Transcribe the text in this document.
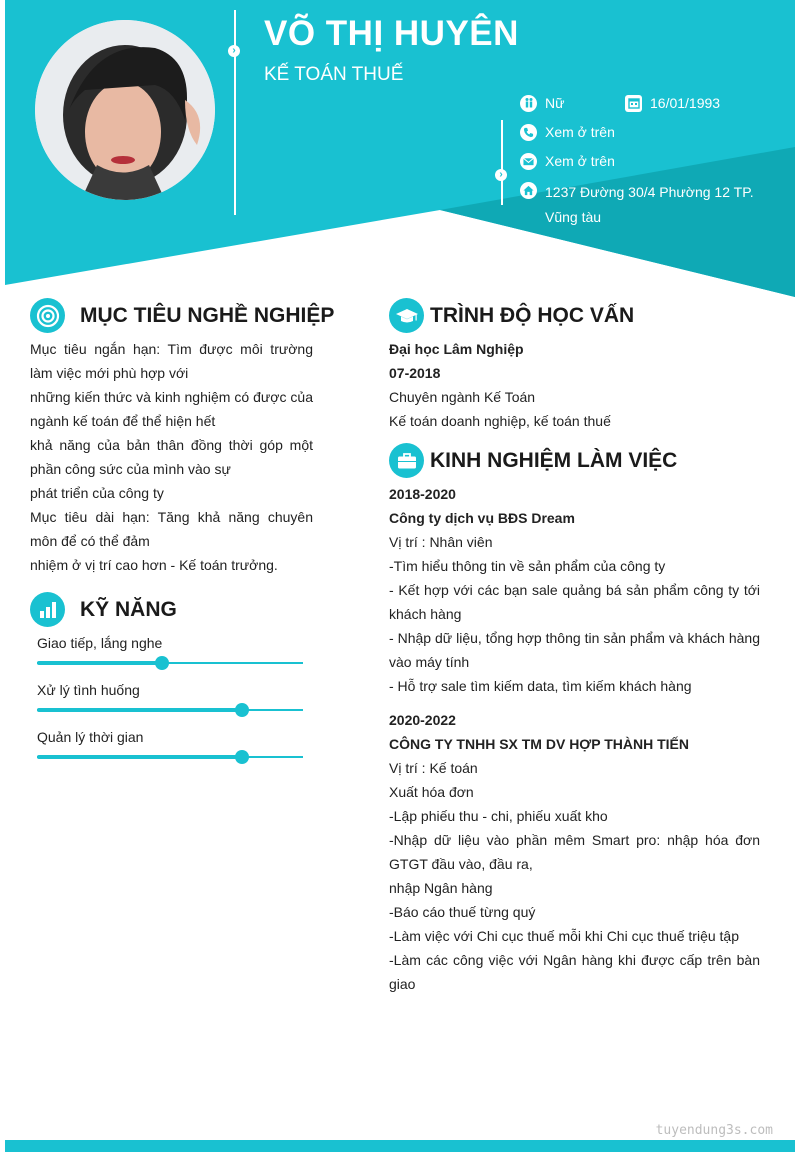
›
›
VÕ THỊ HUYÊN
KẾ TOÁN THUẾ
Nữ	16/01/1993
Xem ở trên
Xem ở trên
1237 Đường 30/4 Phường 12 TP.
Vũng tàu
MỤC TIÊU NGHỀ NGHIỆP
Mục tiêu ngắn hạn: Tìm được môi trường
làm việc mới phù hợp với
những kiến thức và kinh nghiệm có được của
ngành kế toán để thể hiện hết
khả năng của bản thân đồng thời góp một
phần công sức của mình vào sự
phát triển của công ty
Mục tiêu dài hạn: Tăng khả năng chuyên
môn để có thể đảm
nhiệm ở vị trí cao hơn - Kế toán trưởng.
KỸ NĂNG
Giao tiếp, lắng nghe
Xử lý tình huống
Quản lý thời gian
TRÌNH ĐỘ HỌC VẤN
Đại học Lâm Nghiệp
07-2018
Chuyên ngành Kế Toán
Kế toán doanh nghiệp, kế toán thuế
KINH NGHIỆM LÀM VIỆC
2018-2020
Công ty dịch vụ BĐS Dream
Vị trí : Nhân viên
-Tìm hiểu thông tin về sản phẩm của công ty
- Kết hợp với các bạn sale quảng bá sản phẩm công ty tới
khách hàng
- Nhập dữ liệu, tổng hợp thông tin sản phẩm và khách hàng
vào máy tính
- Hỗ trợ sale tìm kiếm data, tìm kiếm khách hàng
2020-2022
CÔNG TY TNHH SX TM DV HỢP THÀNH TIẾN
Vị trí : Kế toán
Xuất hóa đơn
-Lập phiếu thu - chi, phiếu xuất kho
-Nhập dữ liệu vào phần mêm Smart pro: nhập hóa đơn
GTGT đầu vào, đầu ra,
nhập Ngân hàng
-Báo cáo thuế từng quý
-Làm việc với Chi cục thuế mỗi khi Chi cục thuế triệu tập
-Làm các công việc với Ngân hàng khi được cấp trên bàn
giao
tuyendung3s.com
